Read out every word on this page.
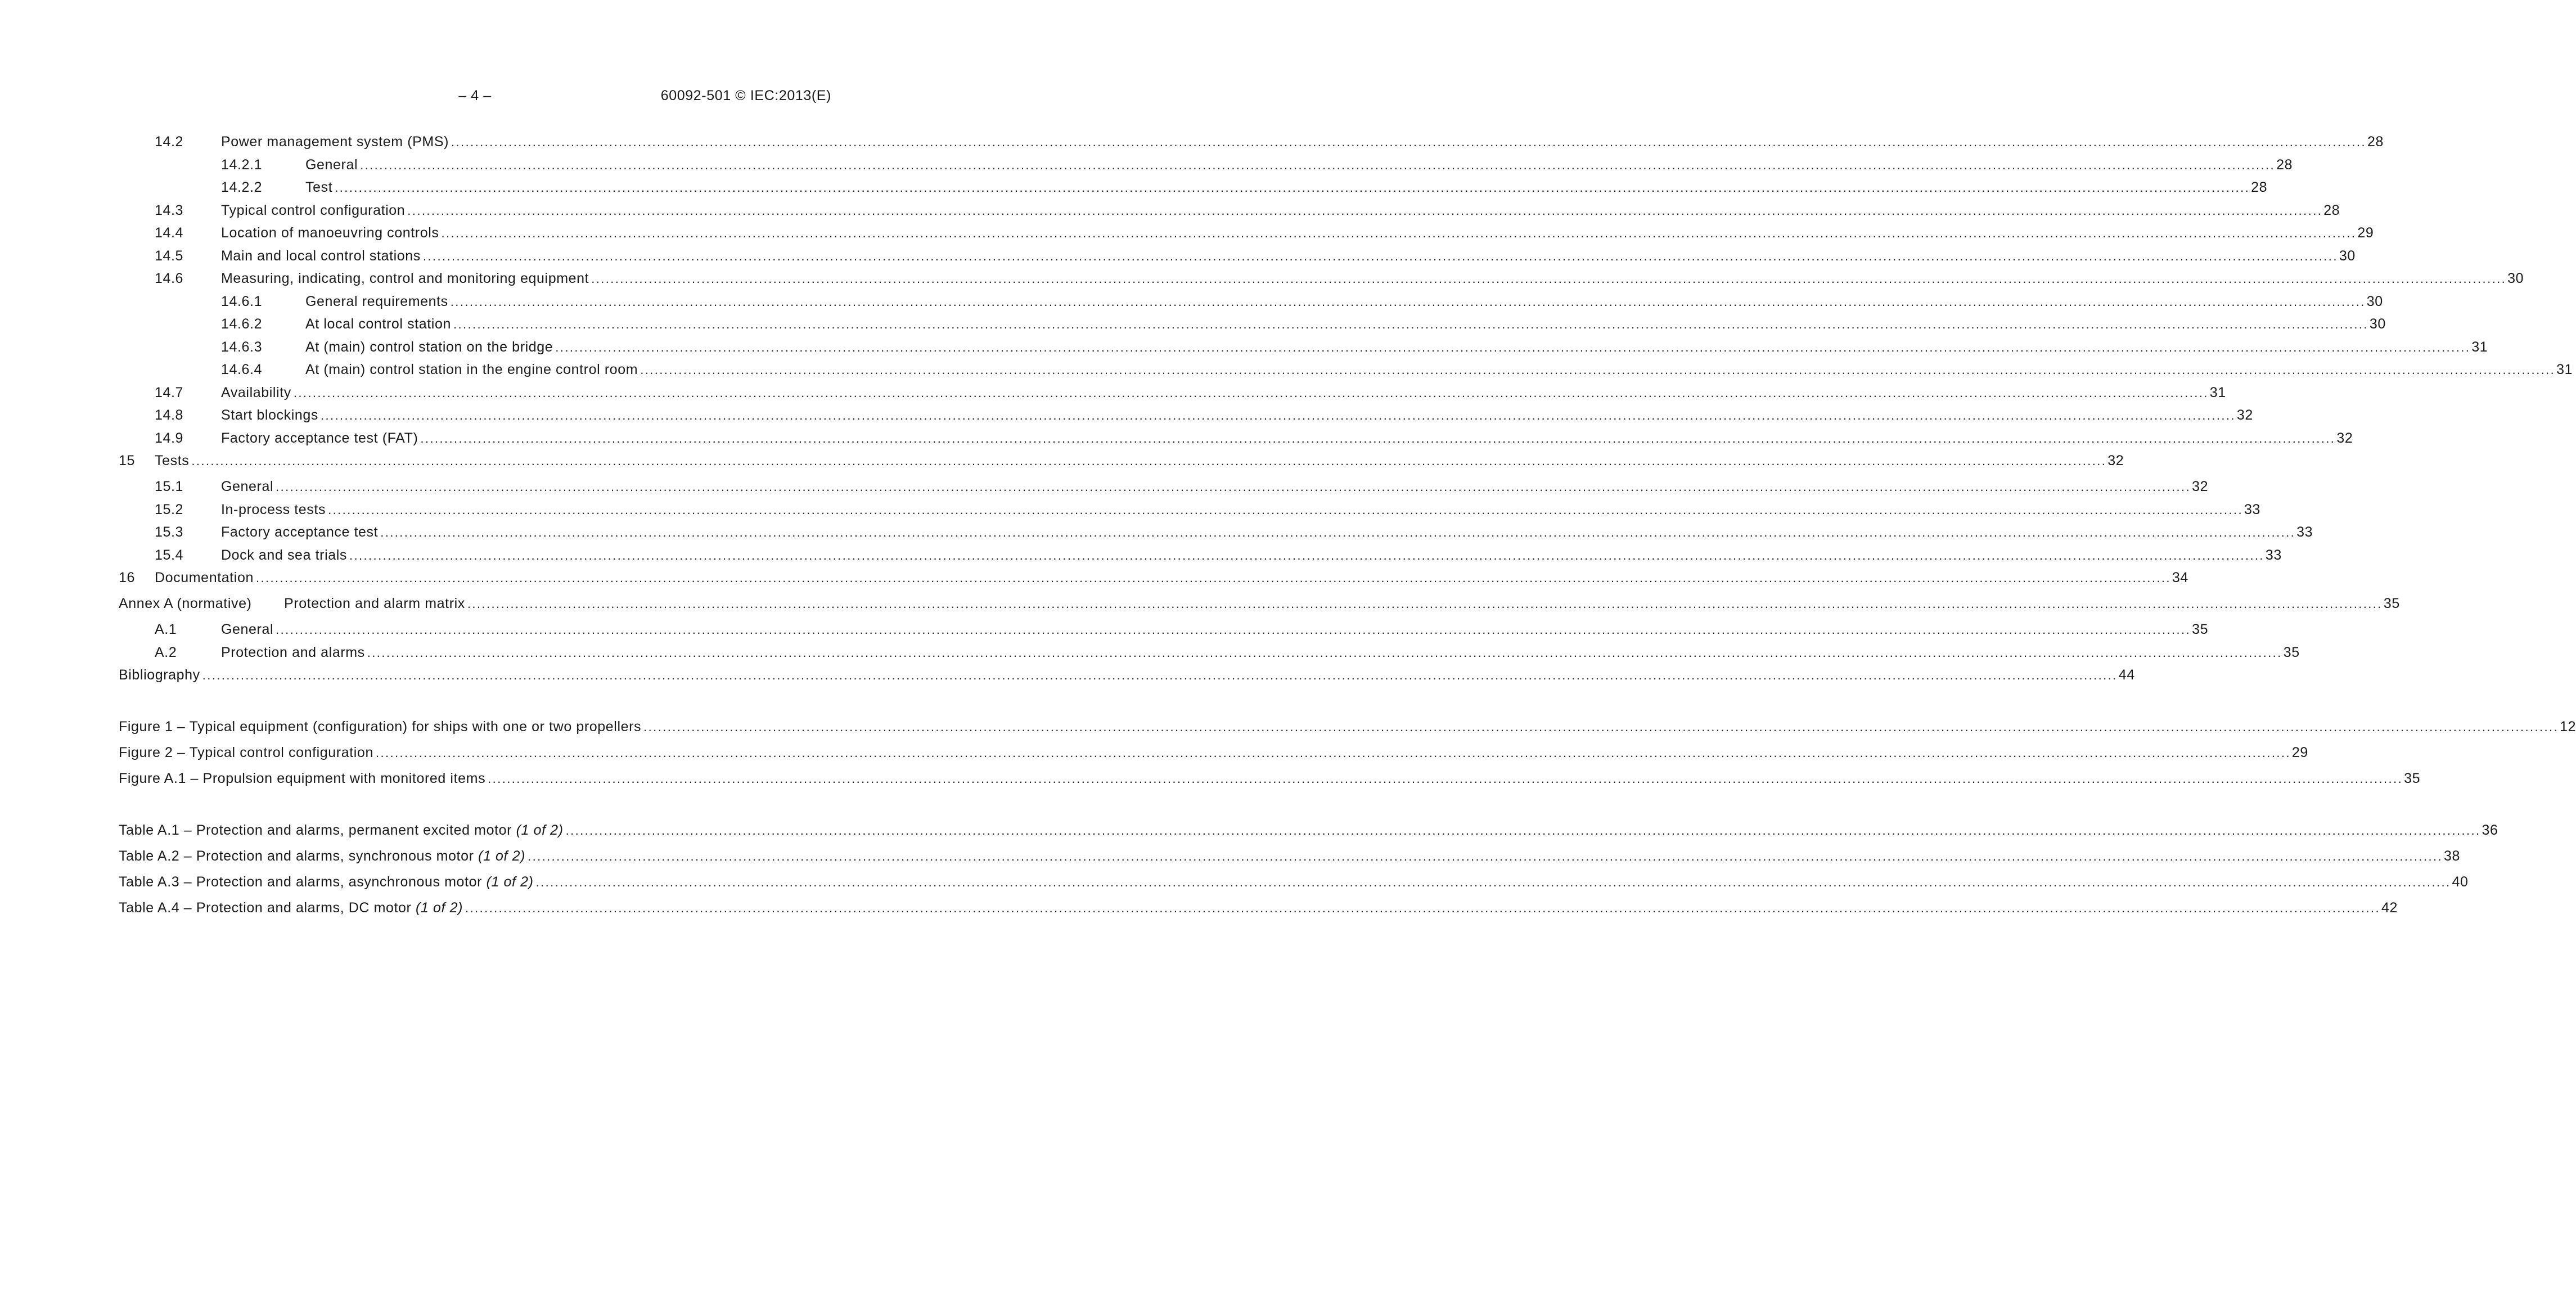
– 4 –	60092-501 © IEC:2013(E)
14.2	Power management system (PMS) ................................................................................................................................................................................................................................................................................................................................................................................................................ 28
14.2.1	General ................................................................................................................................................................................................................................................................................................................................................................................................................ 28
14.2.2	Test ................................................................................................................................................................................................................................................................................................................................................................................................................ 28
14.3	Typical control configuration ................................................................................................................................................................................................................................................................................................................................................................................................................ 28
14.4	Location of manoeuvring controls ................................................................................................................................................................................................................................................................................................................................................................................................................ 29
14.5	Main and local control stations ................................................................................................................................................................................................................................................................................................................................................................................................................ 30
14.6	Measuring, indicating, control and monitoring equipment ................................................................................................................................................................................................................................................................................................................................................................................................................ 30
14.6.1	General requirements ................................................................................................................................................................................................................................................................................................................................................................................................................ 30
14.6.2	At local control station ................................................................................................................................................................................................................................................................................................................................................................................................................ 30
14.6.3	At (main) control station on the bridge ................................................................................................................................................................................................................................................................................................................................................................................................................ 31
14.6.4	At (main) control station in the engine control room ................................................................................................................................................................................................................................................................................................................................................................................................................ 31
14.7	Availability ................................................................................................................................................................................................................................................................................................................................................................................................................ 31
14.8	Start blockings ................................................................................................................................................................................................................................................................................................................................................................................................................ 32
14.9	Factory acceptance test (FAT) ................................................................................................................................................................................................................................................................................................................................................................................................................ 32
15 Tests ................................................................................................................................................................................................................................................................................................................................................................................................................ 32
15.1	General ................................................................................................................................................................................................................................................................................................................................................................................................................ 32
15.2	In-process tests ................................................................................................................................................................................................................................................................................................................................................................................................................ 33
15.3	Factory acceptance test ................................................................................................................................................................................................................................................................................................................................................................................................................ 33
15.4	Dock and sea trials ................................................................................................................................................................................................................................................................................................................................................................................................................ 33
16 Documentation ................................................................................................................................................................................................................................................................................................................................................................................................................ 34
Annex A (normative) Protection and alarm matrix ................................................................................................................................................................................................................................................................................................................................................................................................................ 35
A.1	General ................................................................................................................................................................................................................................................................................................................................................................................................................ 35
A.2	Protection and alarms ................................................................................................................................................................................................................................................................................................................................................................................................................ 35
Bibliography ................................................................................................................................................................................................................................................................................................................................................................................................................ 44
Figure 1 – Typical equipment (configuration) for ships with one or two propellers ................................................................................................................................................................................................................................................................................................................................................................................................................ 12
Figure 2 – Typical control configuration ................................................................................................................................................................................................................................................................................................................................................................................................................ 29
Figure A.1 – Propulsion equipment with monitored items ................................................................................................................................................................................................................................................................................................................................................................................................................ 35
Table A.1 – Protection and alarms, permanent excited motor (1 of 2) ................................................................................................................................................................................................................................................................................................................................................................................................................ 36
Table A.2 – Protection and alarms, synchronous motor (1 of 2) ................................................................................................................................................................................................................................................................................................................................................................................................................ 38
Table A.3 – Protection and alarms, asynchronous motor (1 of 2) ................................................................................................................................................................................................................................................................................................................................................................................................................ 40
Table A.4 – Protection and alarms, DC motor (1 of 2) ................................................................................................................................................................................................................................................................................................................................................................................................................ 42
